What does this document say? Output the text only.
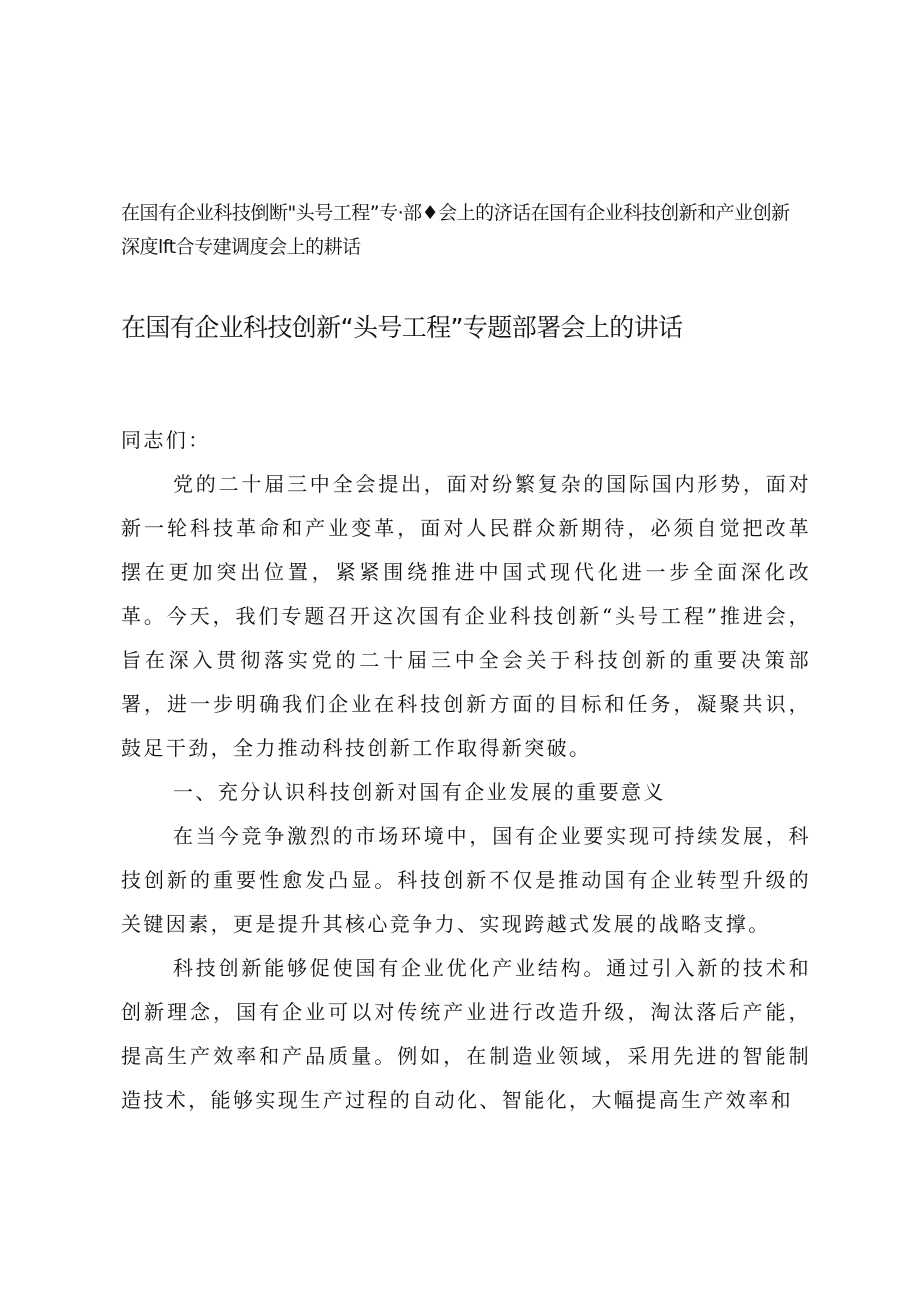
在国有企业科技倒断"头号工程”专·部♦会上的济话在国有企业科技创新和产业创新
深度lft合专建调度会上的耕话
在国有企业科技创新“头号工程”专题部署会上的讲话

同志们：

党的二十届三中全会提出，面对纷繁复杂的国际国内形势，面对新一轮科技革命和产业变革，面对人民群众新期待，必须自觉把改革摆在更加突出位置，紧紧围绕推进中国式现代化进一步全面深化改革。今天，我们专题召开这次国有企业科技创新“头号工程”推进会，旨在深入贯彻落实党的二十届三中全会关于科技创新的重要决策部署，进一步明确我们企业在科技创新方面的目标和任务，凝聚共识，鼓足干劲，全力推动科技创新工作取得新突破。

一、充分认识科技创新对国有企业发展的重要意义

在当今竞争激烈的市场环境中，国有企业要实现可持续发展，科技创新的重要性愈发凸显。科技创新不仅是推动国有企业转型升级的关键因素，更是提升其核心竞争力、实现跨越式发展的战略支撑。

科技创新能够促使国有企业优化产业结构。通过引入新的技术和创新理念，国有企业可以对传统产业进行改造升级，淘汰落后产能，提高生产效率和产品质量。例如，在制造业领域，采用先进的智能制造技术，能够实现生产过程的自动化、智能化，大幅提高生产效率和
